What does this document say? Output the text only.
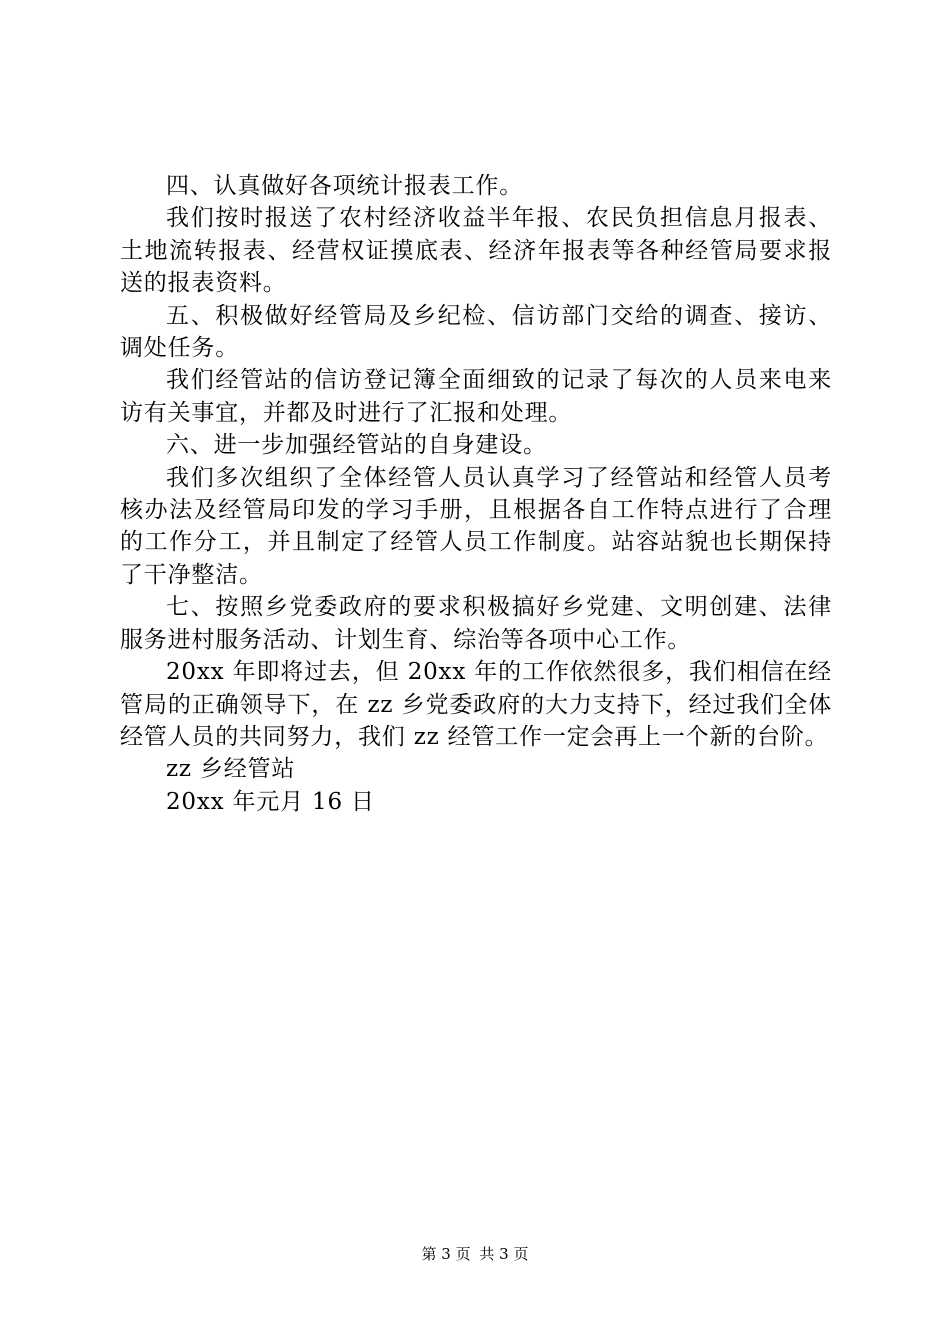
四、认真做好各项统计报表工作。

我们按时报送了农村经济收益半年报、农民负担信息月报表、土地流转报表、经营权证摸底表、经济年报表等各种经管局要求报送的报表资料。

五、积极做好经管局及乡纪检、信访部门交给的调查、接访、调处任务。

我们经管站的信访登记簿全面细致的记录了每次的人员来电来访有关事宜，并都及时进行了汇报和处理。

六、进一步加强经管站的自身建设。

我们多次组织了全体经管人员认真学习了经管站和经管人员考核办法及经管局印发的学习手册，且根据各自工作特点进行了合理的工作分工，并且制定了经管人员工作制度。站容站貌也长期保持了干净整洁。

七、按照乡党委政府的要求积极搞好乡党建、文明创建、法律服务进村服务活动、计划生育、综治等各项中心工作。

20xx 年即将过去，但 20xx 年的工作依然很多，我们相信在经管局的正确领导下，在 zz 乡党委政府的大力支持下，经过我们全体经管人员的共同努力，我们 zz 经管工作一定会再上一个新的台阶。

zz 乡经管站

20xx 年元月 16 日

第 3 页 共 3 页
